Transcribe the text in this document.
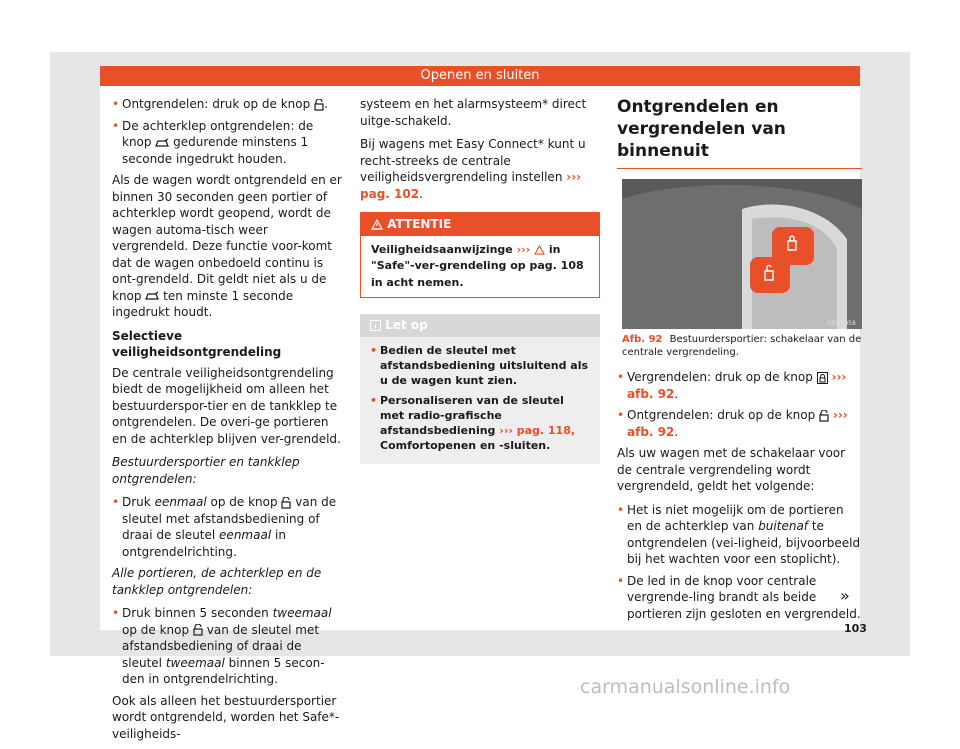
Openen en sluiten
• Ontgrendelen: druk op de knop .
• De achterklep ontgrendelen: de knop gedurende minstens 1 seconde ingedrukt houden.

Als de wagen wordt ontgrendeld en er binnen 30 seconden geen portier of achterklep wordt geopend, wordt de wagen automa-tisch weer vergrendeld. Deze functie voor-komt dat de wagen onbedoeld continu is ont-grendeld. Dit geldt niet als u de knop ten minste 1 seconde ingedrukt houdt.

Selectieve veiligheidsontgrendeling

De centrale veiligheidsontgrendeling biedt de mogelijkheid om alleen het bestuurderspor-tier en de tankklep te ontgrendelen. De overi-ge portieren en de achterklep blijven ver-grendeld.

Bestuurdersportier en tankklep ontgrendelen:

• Druk eenmaal op de knop van de sleutel met afstandsbediening of draai de sleutel eenmaal in ontgrendelrichting.

Alle portieren, de achterklep en de tankklep ontgrendelen:

• Druk binnen 5 seconden tweemaal op de knop van de sleutel met afstandsbediening of draai de sleutel tweemaal binnen 5 secon-den in ontgrendelrichting.

Ook als alleen het bestuurdersportier wordt ontgrendeld, worden het Safe*-veiligheids-

systeem en het alarmsysteem* direct uitge-schakeld.

Bij wagens met Easy Connect* kunt u recht-streeks de centrale veiligheidsvergrendeling instellen ››› pag. 102.

ATTENTIE
Veiligheidsaanwijzinge ››› in "Safe"-ver-grendeling op pag. 108 in acht nemen.
Let op
• Bedien de sleutel met afstandsbediening uitsluitend als u de wagen kunt zien.
• Personaliseren van de sleutel met radio-grafische afstandsbediening ››› pag. 118, Comfortopenen en -sluiten.
Ontgrendelen en vergrendelen van binnenuit
B5F-0958
Afb. 92 Bestuurdersportier: schakelaar van de centrale vergrendeling.
• Vergrendelen: druk op de knop ››› afb. 92.
• Ontgrendelen: druk op de knop ››› afb. 92.

Als uw wagen met de schakelaar voor de centrale vergrendeling wordt vergrendeld, geldt het volgende:

• Het is niet mogelijk om de portieren en de achterklep van buitenaf te ontgrendelen (vei-ligheid, bijvoorbeeld bij het wachten voor een stoplicht).
• De led in de knop voor centrale vergrende-ling brandt als beide portieren zijn gesloten en vergrendeld.
»
103
carmanualsonline.info
